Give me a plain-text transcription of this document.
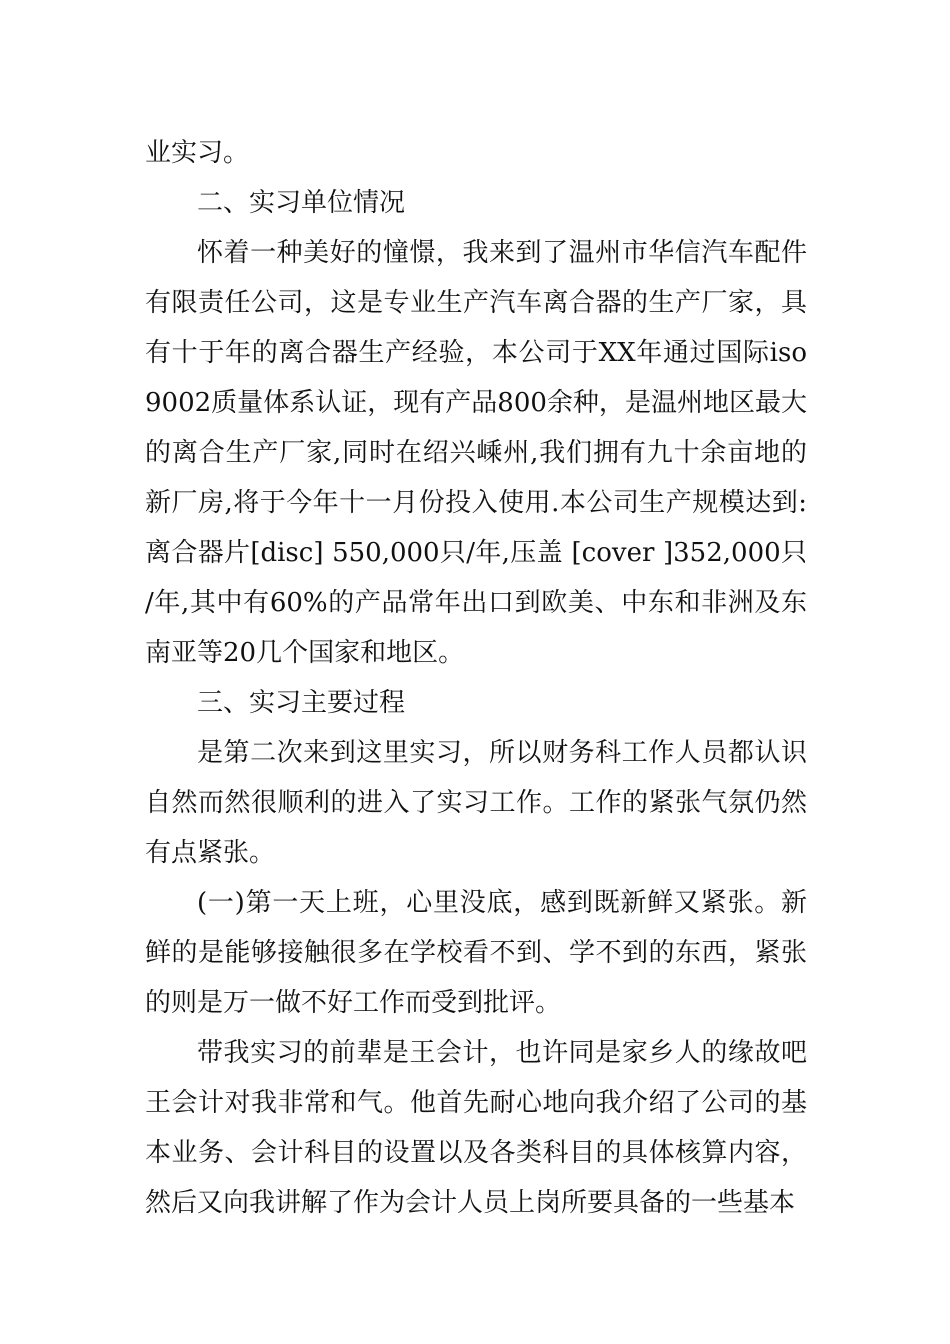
业实习。

二、实习单位情况

怀着一种美好的憧憬，我来到了温州市华信汽车配件有限责任公司，这是专业生产汽车离合器的生产厂家，具有十于年的离合器生产经验，本公司于XX年通过国际iso9002质量体系认证，现有产品800余种，是温州地区最大的离合生产厂家,同时在绍兴嵊州,我们拥有九十余亩地的新厂房,将于今年十一月份投入使用.本公司生产规模达到:离合器片[disc] 550,000只/年,压盖 [cover ]352,000只 /年,其中有60%的产品常年出口到欧美、中东和非洲及东南亚等20几个国家和地区。

三、实习主要过程

是第二次来到这里实习，所以财务科工作人员都认识自然而然很顺利的进入了实习工作。工作的紧张气氛仍然有点紧张。

(一)第一天上班，心里没底，感到既新鲜又紧张。新鲜的是能够接触很多在学校看不到、学不到的东西，紧张的则是万一做不好工作而受到批评。

带我实习的前辈是王会计，也许同是家乡人的缘故吧王会计对我非常和气。他首先耐心地向我介绍了公司的基本业务、会计科目的设置以及各类科目的具体核算内容，然后又向我讲解了作为会计人员上岗所要具备的一些基本
